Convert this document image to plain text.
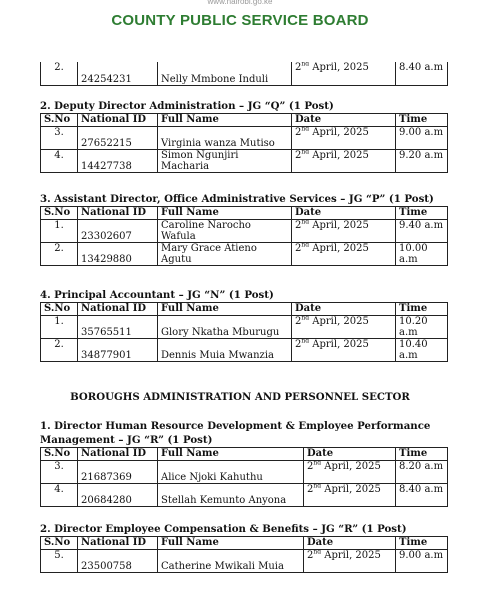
www.nairobi.go.ke
COUNTY PUBLIC SERVICE BOARD
2.	24254231	Nelly Mmbone Induli	2nd April, 2025	8.40 a.m
2. Deputy Director Administration – JG “Q” (1 Post)
S.No	National ID	Full Name	Date	Time
3.	27652215	Virginia wanza Mutiso	2nd April, 2025	9.00 a.m
4.	14427738	Simon Ngunjiri Macharia	2nd April, 2025	9.20 a.m
3. Assistant Director, Office Administrative Services – JG “P” (1 Post)
S.No	National ID	Full Name	Date	Time
1.	23302607	Caroline Narocho Wafula	2nd April, 2025	9.40 a.m
2.	13429880	Mary Grace Atieno Agutu	2nd April, 2025	10.00 a.m
4. Principal Accountant – JG “N” (1 Post)
S.No	National ID	Full Name	Date	Time
1.	35765511	Glory Nkatha Mburugu	2nd April, 2025	10.20 a.m
2.	34877901	Dennis Muia Mwanzia	2nd April, 2025	10.40 a.m
1. Director Human Resource Development & Employee Performance
Management – JG “R” (1 Post)
S.No	National ID	Full Name	Date	Time
3.	21687369	Alice Njoki Kahuthu	2nd April, 2025	8.20 a.m
4.	20684280	Stellah Kemunto Anyona	2nd April, 2025	8.40 a.m
2. Director Employee Compensation & Benefits – JG “R” (1 Post)
S.No	National ID	Full Name	Date	Time
5.	23500758	Catherine Mwikali Muia	2nd April, 2025	9.00 a.m
BOROUGHS ADMINISTRATION AND PERSONNEL SECTOR
